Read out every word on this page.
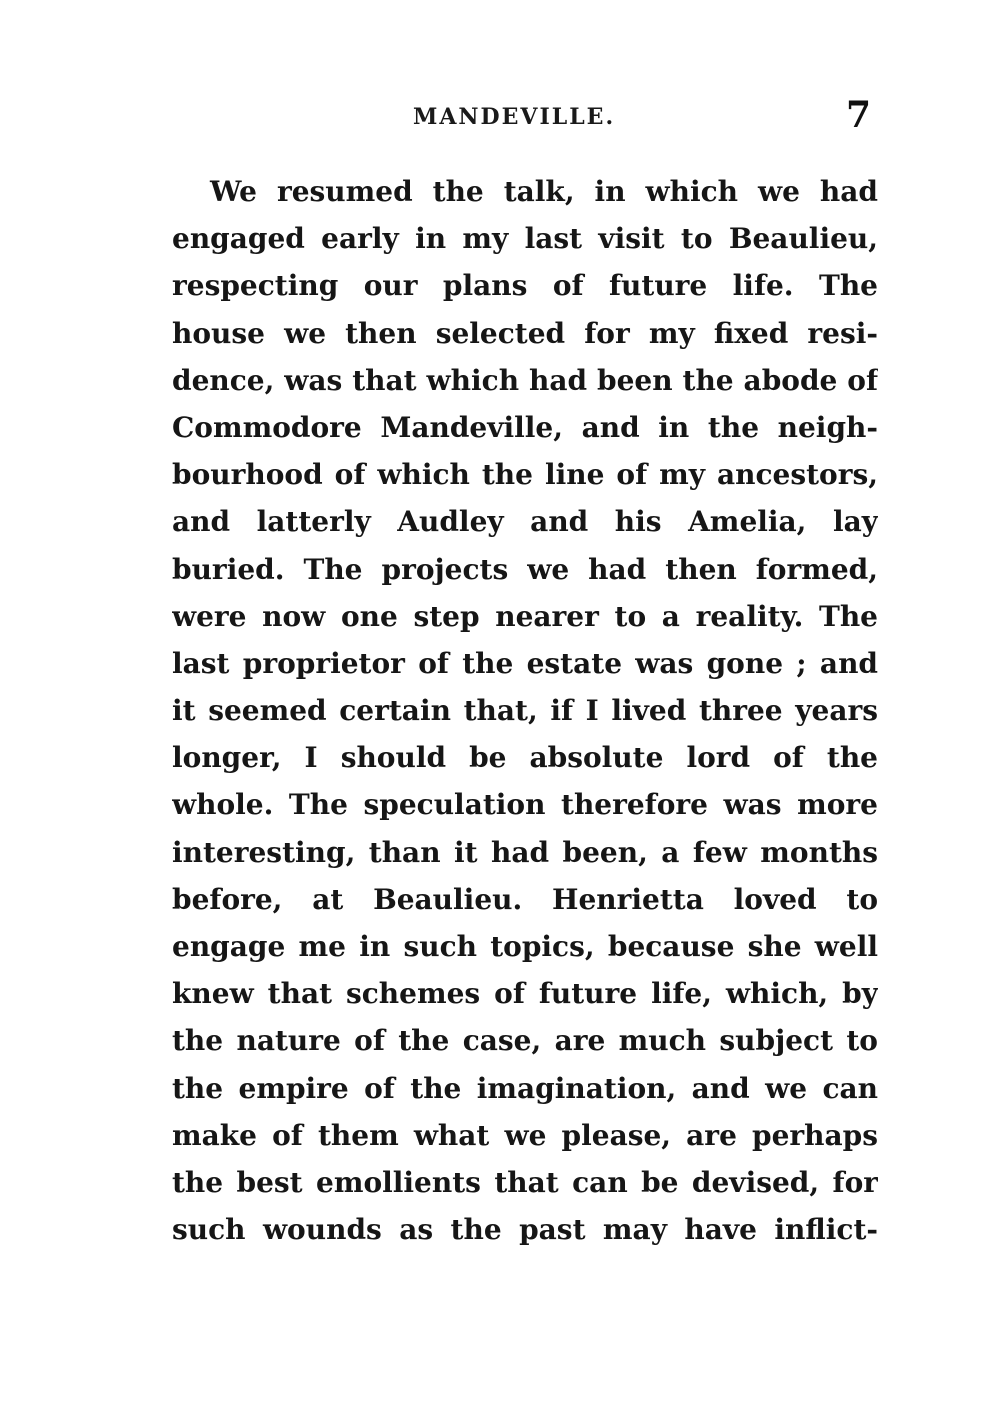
MANDEVILLE.	7
We resumed the talk, in which we had
engaged early in my last visit to Beaulieu,
respecting our plans of future life. The
house we then selected for my fixed resi-
dence, was that which had been the abode of
Commodore Mandeville, and in the neigh-
bourhood of which the line of my ancestors,
and latterly Audley and his Amelia, lay
buried. The projects we had then formed,
were now one step nearer to a reality. The
last proprietor of the estate was gone ; and
it seemed certain that, if I lived three years
longer, I should be absolute lord of the
whole. The speculation therefore was more
interesting, than it had been, a few months
before, at Beaulieu. Henrietta loved to
engage me in such topics, because she well
knew that schemes of future life, which, by
the nature of the case, are much subject to
the empire of the imagination, and we can
make of them what we please, are perhaps
the best emollients that can be devised, for
such wounds as the past may have inflict-
